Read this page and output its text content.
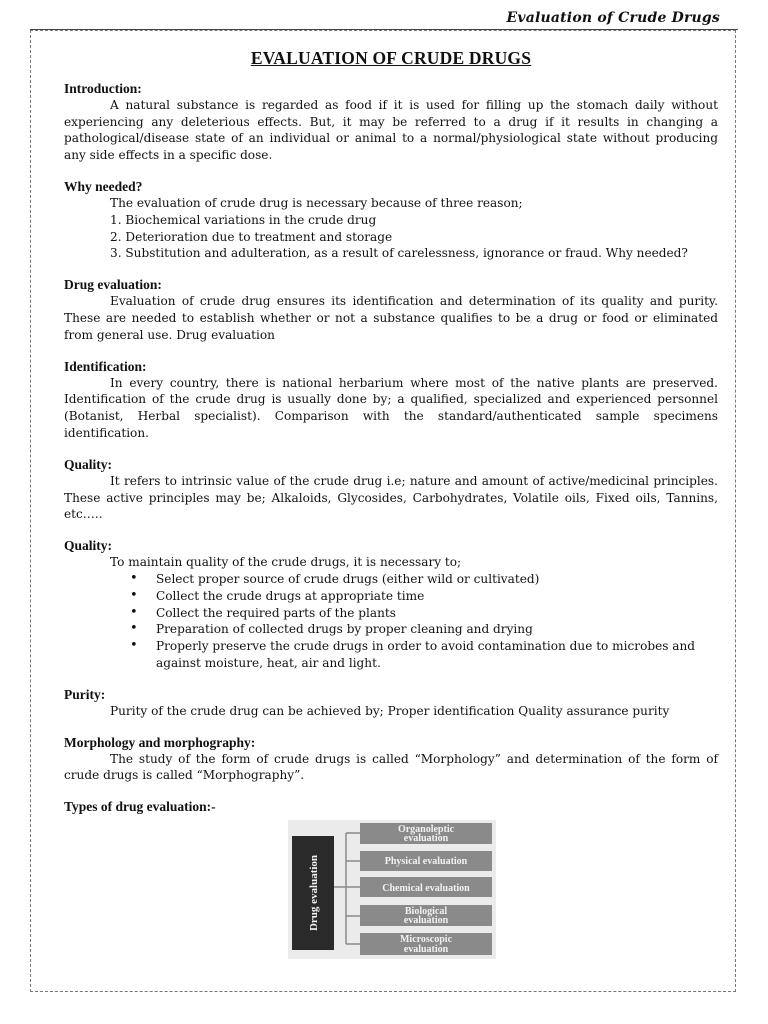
Evaluation of Crude Drugs
EVALUATION OF CRUDE DRUGS
Introduction:

A natural substance is regarded as food if it is used for filling up the stomach daily without experiencing any deleterious effects. But, it may be referred to a drug if it results in changing a pathological/disease state of an individual or animal to a normal/physiological state without producing any side effects in a specific dose.

Why needed?

The evaluation of crude drug is necessary because of three reason;

1. Biochemical variations in the crude drug

2. Deterioration due to treatment and storage

3. Substitution and adulteration, as a result of carelessness, ignorance or fraud. Why needed?

Drug evaluation:

Evaluation of crude drug ensures its identification and determination of its quality and purity. These are needed to establish whether or not a substance qualifies to be a drug or food or eliminated from general use. Drug evaluation

Identification:

In every country, there is national herbarium where most of the native plants are preserved. Identification of the crude drug is usually done by; a qualified, specialized and experienced personnel (Botanist, Herbal specialist). Comparison with the standard/authenticated sample specimens identification.

Quality:

It refers to intrinsic value of the crude drug i.e; nature and amount of active/medicinal principles. These active principles may be; Alkaloids, Glycosides, Carbohydrates, Volatile oils, Fixed oils, Tannins, etc…..

Quality:

To maintain quality of the crude drugs, it is necessary to;

• Select proper source of crude drugs (either wild or cultivated)
• Collect the crude drugs at appropriate time
• Collect the required parts of the plants
• Preparation of collected drugs by proper cleaning and drying
• Properly preserve the crude drugs in order to avoid contamination due to microbes and against moisture, heat, air and light.
Purity:

Purity of the crude drug can be achieved by; Proper identification Quality assurance purity

Morphology and morphography:

The study of the form of crude drugs is called “Morphology” and determination of the form of crude drugs is called “Morphography”.

Types of drug evaluation:-
Drug evaluation
Organoleptic
evaluation
Physical evaluation
Chemical evaluation
Biological
evaluation
Microscopic
evaluation
